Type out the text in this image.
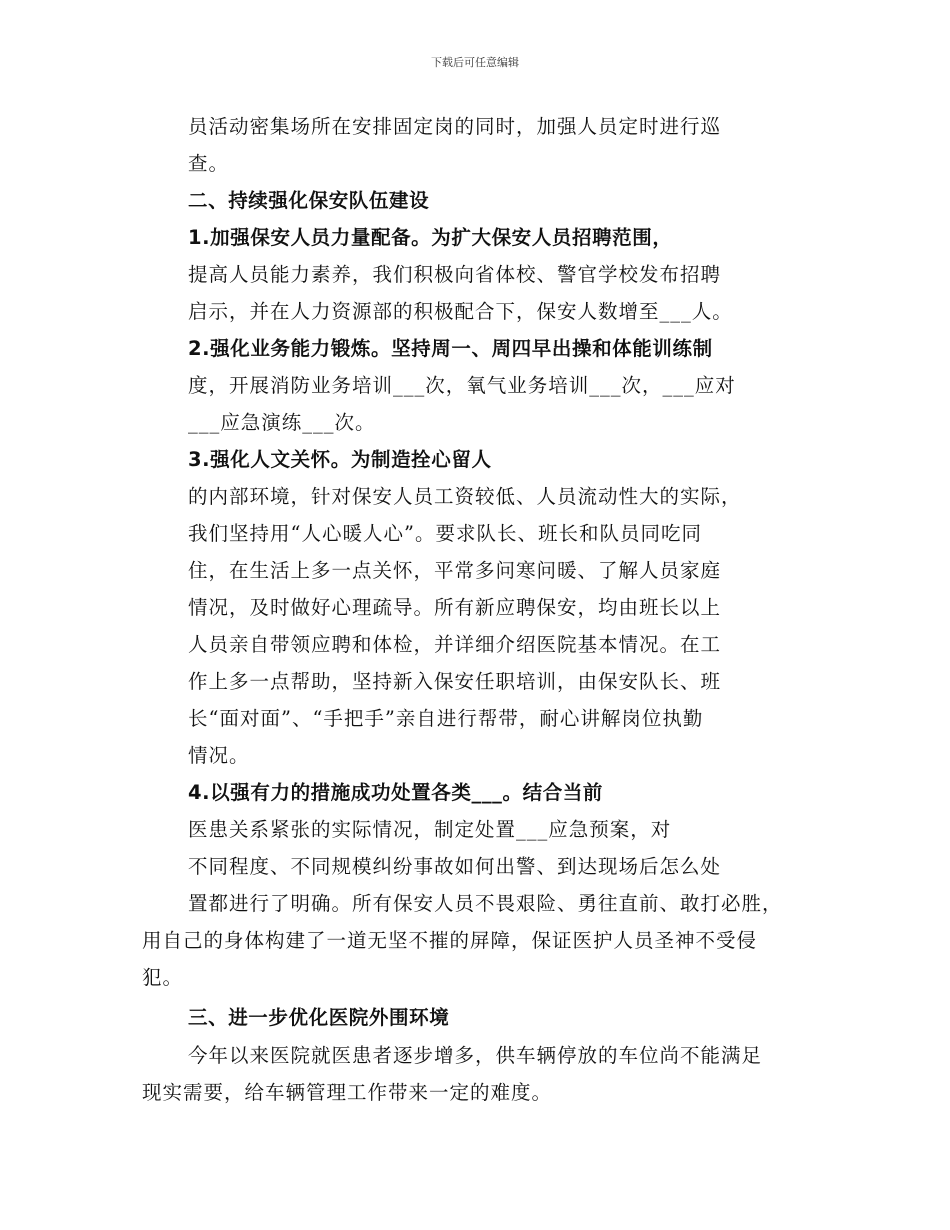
下载后可任意编辑
员活动密集场所在安排固定岗的同时，加强人员定时进行巡
查。
二、持续强化保安队伍建设
1.加强保安人员力量配备。为扩大保安人员招聘范围，
提高人员能力素养，我们积极向省体校、警官学校发布招聘
启示，并在人力资源部的积极配合下，保安人数增至___人。
2.强化业务能力锻炼。坚持周一、周四早出操和体能训练制
度，开展消防业务培训___次，氧气业务培训___次，___应对
___应急演练___次。
3.强化人文关怀。为制造拴心留人
的内部环境，针对保安人员工资较低、人员流动性大的实际，
我们坚持用“人心暖人心”。要求队长、班长和队员同吃同
住，在生活上多一点关怀，平常多问寒问暖、了解人员家庭
情况，及时做好心理疏导。所有新应聘保安，均由班长以上
人员亲自带领应聘和体检，并详细介绍医院基本情况。在工
作上多一点帮助，坚持新入保安任职培训，由保安队长、班
长“面对面”、“手把手”亲自进行帮带，耐心讲解岗位执勤
情况。
4.以强有力的措施成功处置各类___。结合当前
医患关系紧张的实际情况，制定处置___应急预案，对
不同程度、不同规模纠纷事故如何出警、到达现场后怎么处
置都进行了明确。所有保安人员不畏艰险、勇往直前、敢打必胜，
用自己的身体构建了一道无坚不摧的屏障，保证医护人员圣神不受侵
犯。
三、进一步优化医院外围环境
今年以来医院就医患者逐步增多，供车辆停放的车位尚不能满足
现实需要，给车辆管理工作带来一定的难度。
